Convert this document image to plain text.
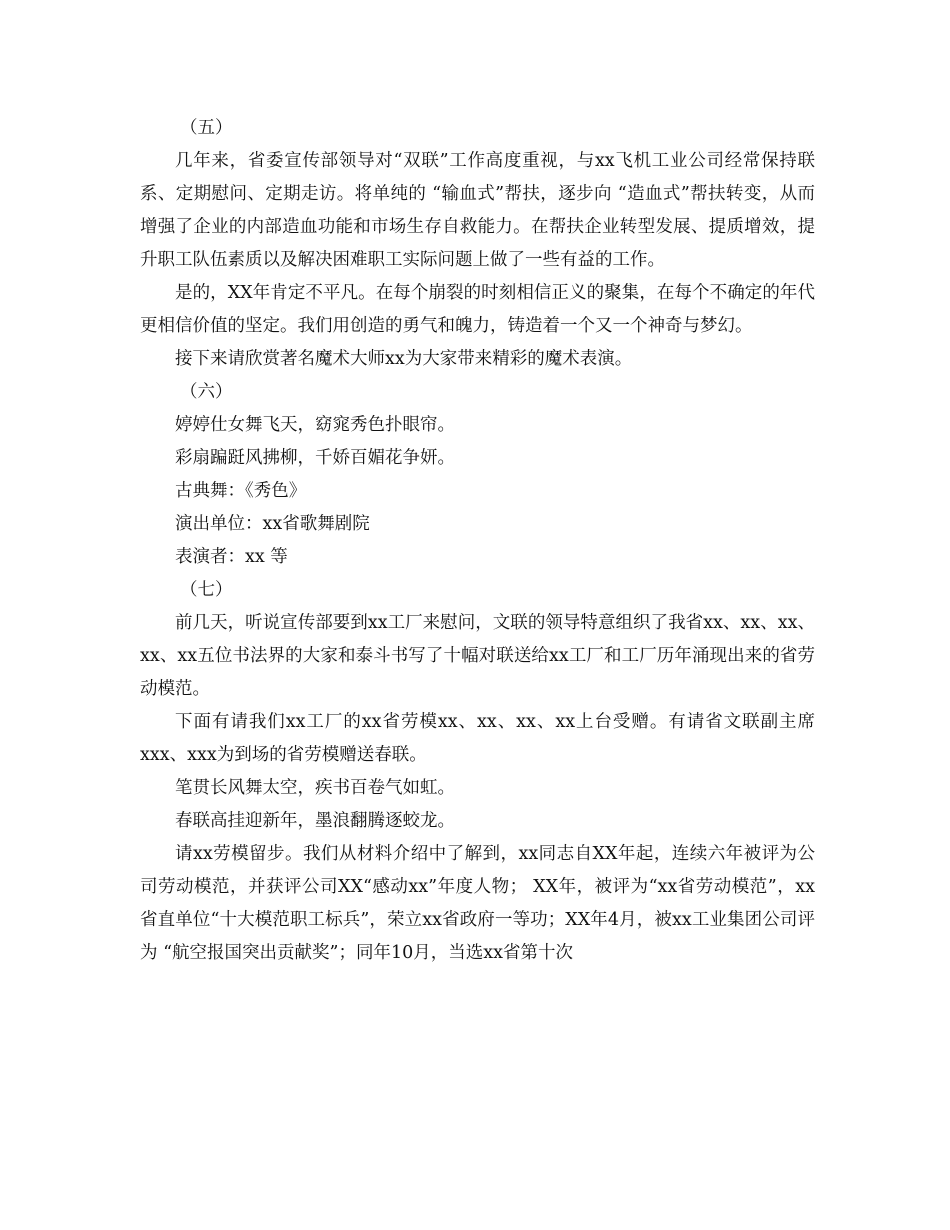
（五）

几年来，省委宣传部领导对“双联”工作高度重视，与xx飞机工业公司经常保持联系、定期慰问、定期走访。将单纯的 “输血式”帮扶，逐步向 “造血式”帮扶转变，从而增强了企业的内部造血功能和市场生存自救能力。在帮扶企业转型发展、提质增效，提升职工队伍素质以及解决困难职工实际问题上做了一些有益的工作。

是的，XX年肯定不平凡。在每个崩裂的时刻相信正义的聚集，在每个不确定的年代更相信价值的坚定。我们用创造的勇气和魄力，铸造着一个又一个神奇与梦幻。

接下来请欣赏著名魔术大师xx为大家带来精彩的魔术表演。

（六）

婷婷仕女舞飞天，窈窕秀色扑眼帘。

彩扇蹁跹风拂柳，千娇百媚花争妍。

古典舞：《秀色》

演出单位：xx省歌舞剧院

表演者：xx 等

（七）

前几天，听说宣传部要到xx工厂来慰问，文联的领导特意组织了我省xx、xx、xx、xx、xx五位书法界的大家和泰斗书写了十幅对联送给xx工厂和工厂历年涌现出来的省劳动模范。

下面有请我们xx工厂的xx省劳模xx、xx、xx、xx上台受赠。有请省文联副主席xxx、xxx为到场的省劳模赠送春联。

笔贯长风舞太空，疾书百卷气如虹。

春联高挂迎新年，墨浪翻腾逐蛟龙。

请xx劳模留步。我们从材料介绍中了解到，xx同志自XX年起，连续六年被评为公司劳动模范，并获评公司XX“感动xx”年度人物； XX年，被评为“xx省劳动模范”，xx省直单位“十大模范职工标兵”，荣立xx省政府一等功；XX年4月，被xx工业集团公司评为 “航空报国突出贡献奖”；同年10月，当选xx省第十次
